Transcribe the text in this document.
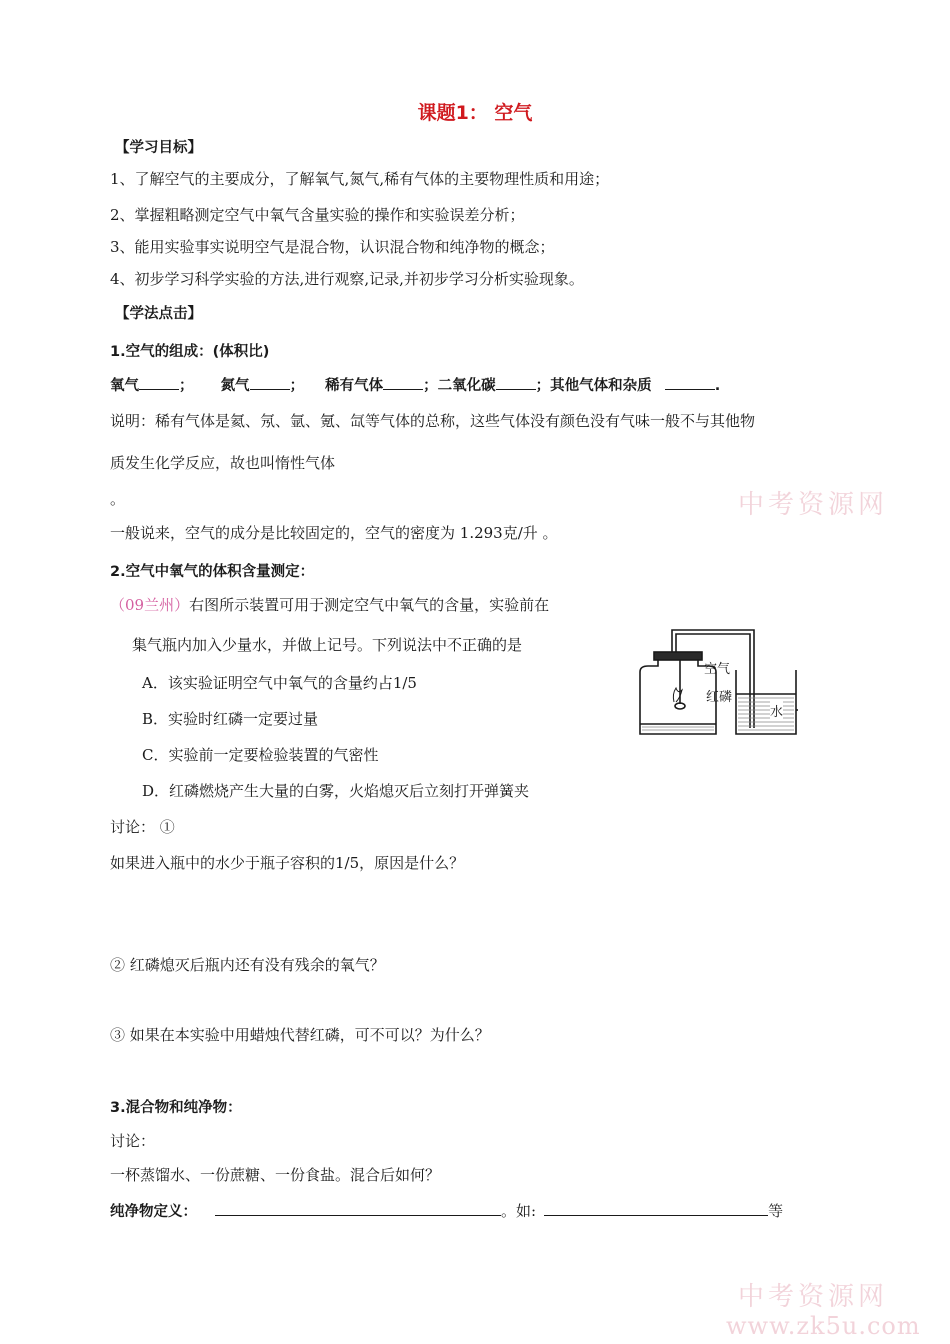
课题1： 空气
【学习目标】
1、了解空气的主要成分，了解氧气,氮气,稀有气体的主要物理性质和用途；
2、掌握粗略测定空气中氧气含量实验的操作和实验误差分析；
3、能用实验事实说明空气是混合物，认识混合物和纯净物的概念；
4、初步学习科学实验的方法,进行观察,记录,并初步学习分析实验现象。
【学法点击】
1.空气的组成：(体积比)
氧气	； 氮气	； 稀有气体	；二氧化碳	；其他气体和杂质	.
说明：稀有气体是氦、氖、氩、氪、氙等气体的总称，这些气体没有颜色没有气味一般不与其他物
质发生化学反应，故也叫惰性气体
。
一般说来，空气的成分是比较固定的，空气的密度为 1.293克/升 。
2.空气中氧气的体积含量测定：
（09兰州）右图所示装置可用于测定空气中氧气的含量，实验前在
集气瓶内加入少量水，并做上记号。下列说法中不正确的是
A．该实验证明空气中氧气的含量约占1/5
B．实验时红磷一定要过量
C．实验前一定要检验装置的气密性
D．红磷燃烧产生大量的白雾，火焰熄灭后立刻打开弹簧夹
空气
红磷
水
讨论： ①
如果进入瓶中的水少于瓶子容积的1/5，原因是什么？
② 红磷熄灭后瓶内还有没有残余的氧气？
③ 如果在本实验中用蜡烛代替红磷，可不可以？为什么？
3.混合物和纯净物：
讨论：
一杯蒸馏水、一份蔗糖、一份食盐。混合后如何？
纯净物定义：	。如:	等
中考资源网
中考资源网
www.zk5u.com
